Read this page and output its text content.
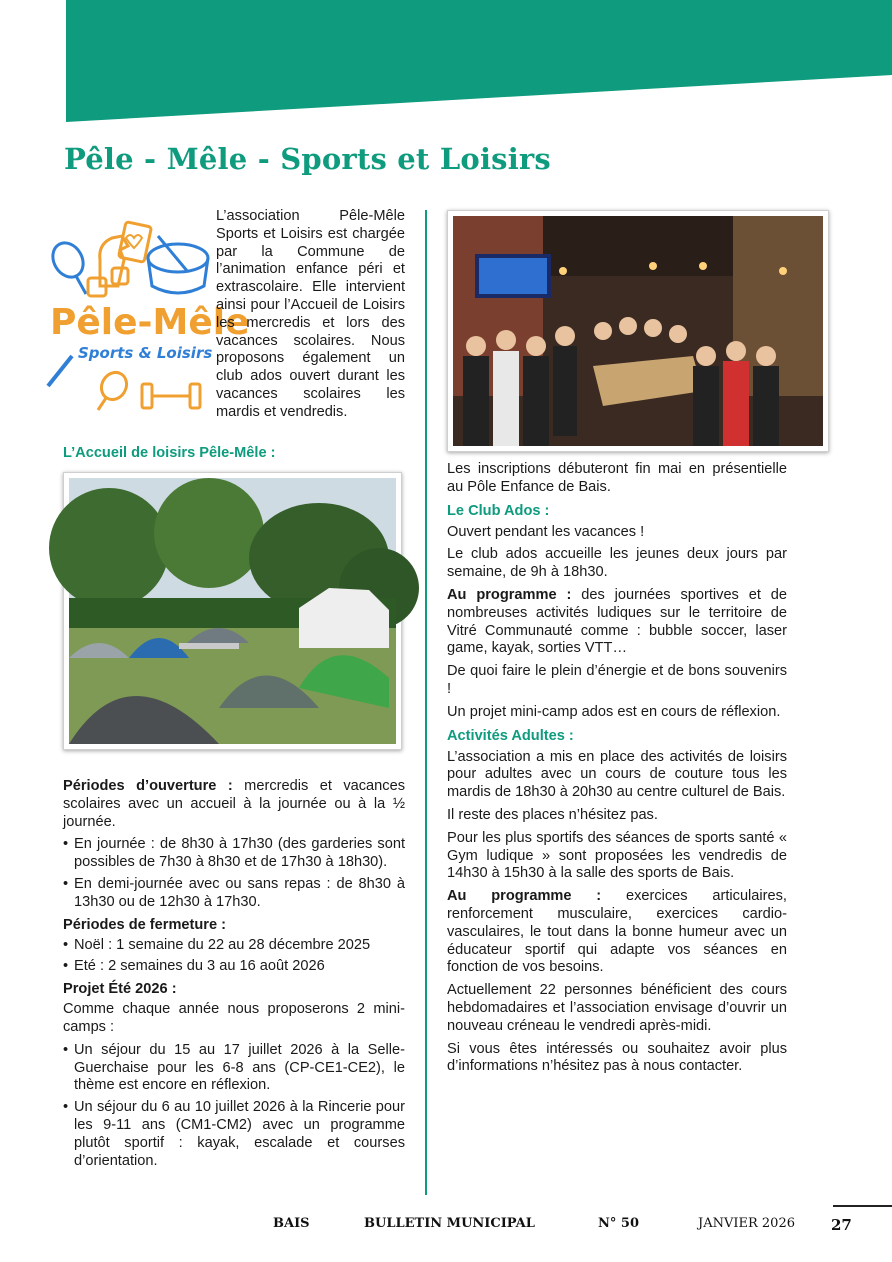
Pêle - Mêle - Sports et Loisirs
Pêle-Mêle
Sports & Loisirs

L’association Pêle-Mêle Sports et Loisirs est chargée par la Commune de l’animation enfance péri et extrascolaire. Elle intervient ainsi pour l’Accueil de Loisirs les mercredis et lors des vacances scolaires. Nous proposons également un club ados ouvert durant les vacances scolaires les mardis et vendredis.

L’Accueil de loisirs Pêle-Mêle :

Périodes d’ouverture : mercredis et vacances scolaires avec un accueil à la journée ou à la ½ journée.

• En journée : de 8h30 à 17h30 (des garderies sont possibles de 7h30 à 8h30 et de 17h30 à 18h30).
• En demi-journée avec ou sans repas : de 8h30 à 13h30 ou de 12h30 à 17h30.
Périodes de fermeture :
• Noël : 1 semaine du 22 au 28 décembre 2025
• Eté : 2 semaines du 3 au 16 août 2026
Projet Été 2026 :

Comme chaque année nous proposerons 2 mini-camps :

• Un séjour du 15 au 17 juillet 2026 à la Selle-Guerchaise pour les 6-8 ans (CP-CE1-CE2), le thème est encore en réflexion.
• Un séjour du 6 au 10 juillet 2026 à la Rincerie pour les 9-11 ans (CM1-CM2) avec un programme plutôt sportif : kayak, escalade et courses d’orientation.

Les inscriptions débuteront fin mai en présentielle au Pôle Enfance de Bais.

Le Club Ados :

Ouvert pendant les vacances !

Le club ados accueille les jeunes deux jours par semaine, de 9h à 18h30.

Au programme : des journées sportives et de nombreuses activités ludiques sur le territoire de Vitré Communauté comme : bubble soccer, laser game, kayak, sorties VTT…

De quoi faire le plein d’énergie et de bons souvenirs !

Un projet mini-camp ados est en cours de réflexion.

Activités Adultes :

L’association a mis en place des activités de loisirs pour adultes avec un cours de couture tous les mardis de 18h30 à 20h30 au centre culturel de Bais.

Il reste des places n’hésitez pas.

Pour les plus sportifs des séances de sports santé « Gym ludique » sont proposées les vendredis de 14h30 à 15h30 à la salle des sports de Bais.

Au programme : exercices articulaires, renforcement musculaire, exercices cardio-vasculaires, le tout dans la bonne humeur avec un éducateur sportif qui adapte vos séances en fonction de vos besoins.

Actuellement 22 personnes bénéficient des cours hebdomadaires et l’association envisage d’ouvrir un nouveau créneau le vendredi après-midi.

Si vous êtes intéressés ou souhaitez avoir plus d’informations n’hésitez pas à nous contacter.

BAIS	BULLETIN MUNICIPAL	N° 50	JANVIER 2026 27
